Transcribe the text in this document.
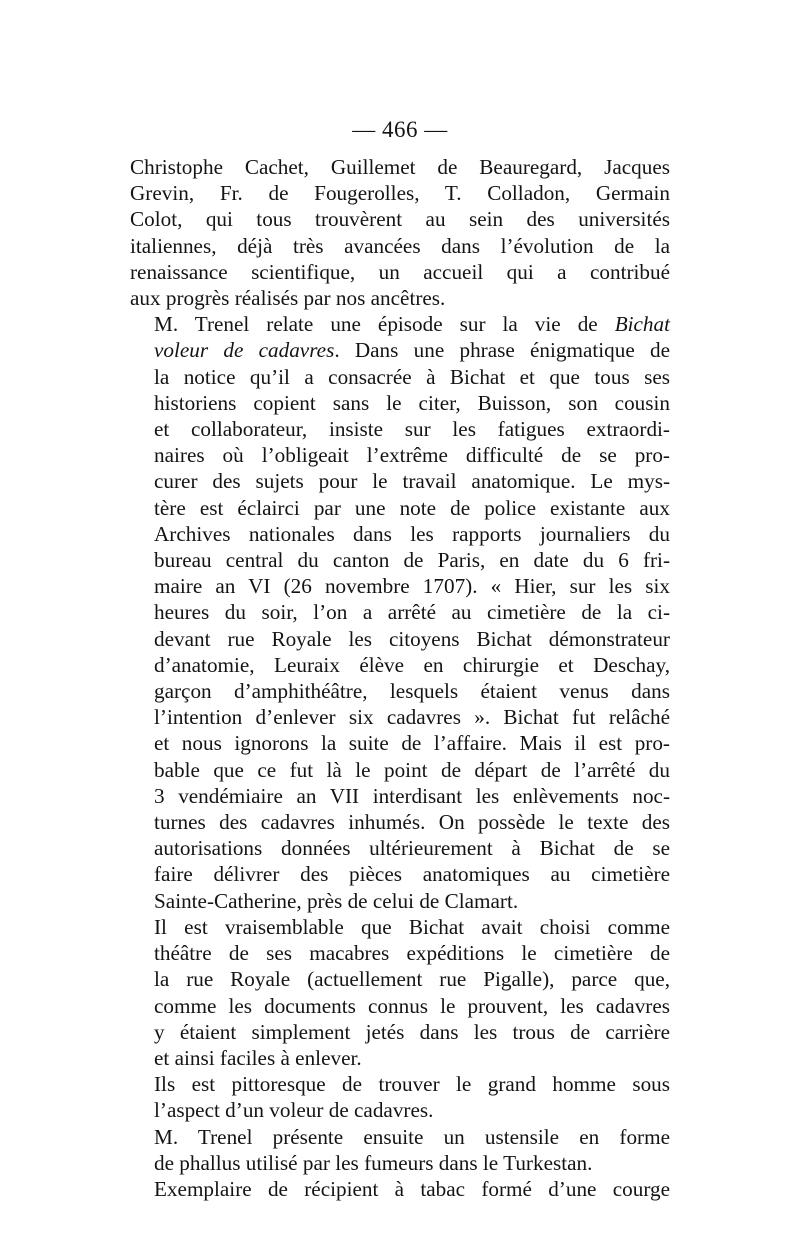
— 466 —

Christophe Cachet, Guillemet de Beauregard, Jacques
Grevin, Fr. de Fougerolles, T. Colladon, Germain
Colot, qui tous trouvèrent au sein des universités
italiennes, déjà très avancées dans l’évolution de la
renaissance scientifique, un accueil qui a contribué
aux progrès réalisés par nos ancêtres.

M. Trenel relate une épisode sur la vie de Bichat
voleur de cadavres. Dans une phrase énigmatique de
la notice qu’il a consacrée à Bichat et que tous ses
historiens copient sans le citer, Buisson, son cousin
et collaborateur, insiste sur les fatigues extraordi-
naires où l’obligeait l’extrême difficulté de se pro-
curer des sujets pour le travail anatomique. Le mys-
tère est éclairci par une note de police existante aux
Archives nationales dans les rapports journaliers du
bureau central du canton de Paris, en date du 6 fri-
maire an VI (26 novembre 1707). « Hier, sur les six
heures du soir, l’on a arrêté au cimetière de la ci-
devant rue Royale les citoyens Bichat démonstrateur
d’anatomie, Leuraix élève en chirurgie et Deschay,
garçon d’amphithéâtre, lesquels étaient venus dans
l’intention d’enlever six cadavres ». Bichat fut relâché
et nous ignorons la suite de l’affaire. Mais il est pro-
bable que ce fut là le point de départ de l’arrêté du
3 vendémiaire an VII interdisant les enlèvements noc-
turnes des cadavres inhumés. On possède le texte des
autorisations données ultérieurement à Bichat de se
faire délivrer des pièces anatomiques au cimetière
Sainte-Catherine, près de celui de Clamart.

Il est vraisemblable que Bichat avait choisi comme
théâtre de ses macabres expéditions le cimetière de
la rue Royale (actuellement rue Pigalle), parce que,
comme les documents connus le prouvent, les cadavres
y étaient simplement jetés dans les trous de carrière
et ainsi faciles à enlever.

Ils est pittoresque de trouver le grand homme sous
l’aspect d’un voleur de cadavres.

M. Trenel présente ensuite un ustensile en forme
de phallus utilisé par les fumeurs dans le Turkestan.

Exemplaire de récipient à tabac formé d’une courge
